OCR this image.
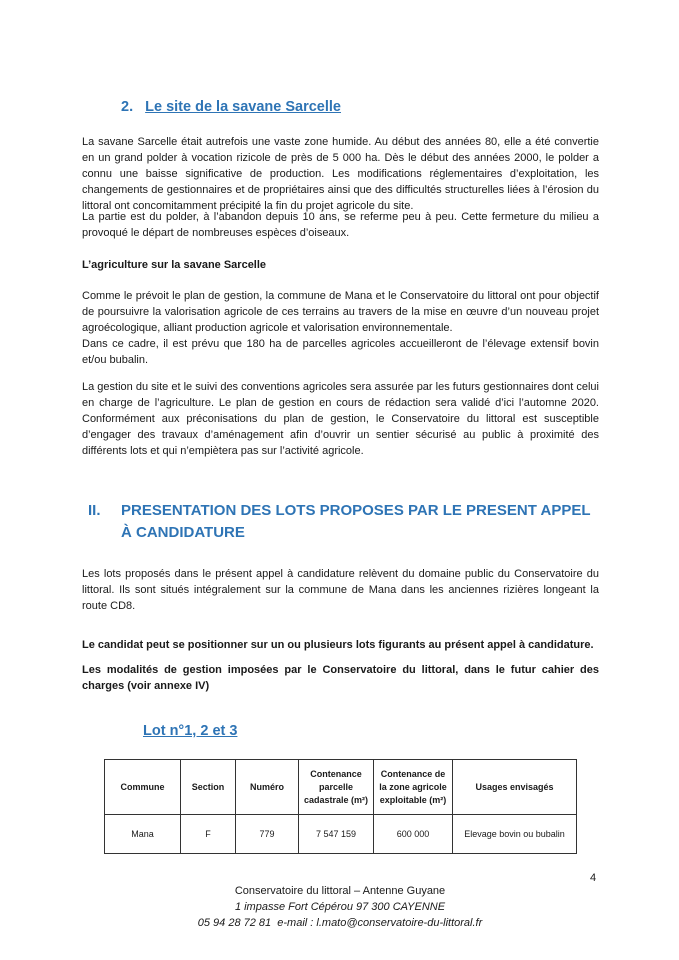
2. Le site de la savane Sarcelle

La savane Sarcelle était autrefois une vaste zone humide. Au début des années 80, elle a été convertie en un grand polder à vocation rizicole de près de 5 000 ha. Dès le début des années 2000, le polder a connu une baisse significative de production. Les modifications réglementaires d’exploitation, les changements de gestionnaires et de propriétaires ainsi que des difficultés structurelles liées à l’érosion du littoral ont concomitamment précipité la fin du projet agricole du site.

La partie est du polder, à l’abandon depuis 10 ans, se referme peu à peu. Cette fermeture du milieu a provoqué le départ de nombreuses espèces d’oiseaux.

L’agriculture sur la savane Sarcelle

Comme le prévoit le plan de gestion, la commune de Mana et le Conservatoire du littoral ont pour objectif de poursuivre la valorisation agricole de ces terrains au travers de la mise en œuvre d’un nouveau projet agroécologique, alliant production agricole et valorisation environnementale.

Dans ce cadre, il est prévu que 180 ha de parcelles agricoles accueilleront de l’élevage extensif bovin et/ou bubalin.

La gestion du site et le suivi des conventions agricoles sera assurée par les futurs gestionnaires dont celui en charge de l’agriculture. Le plan de gestion en cours de rédaction sera validé d’ici l’automne 2020. Conformément aux préconisations du plan de gestion, le Conservatoire du littoral est susceptible d’engager des travaux d’aménagement afin d’ouvrir un sentier sécurisé au public à proximité des différents lots et qui n’empiètera pas sur l’activité agricole.

II. PRESENTATION DES LOTS PROPOSES PAR LE PRESENT APPEL À CANDIDATURE

Les lots proposés dans le présent appel à candidature relèvent du domaine public du Conservatoire du littoral. Ils sont situés intégralement sur la commune de Mana dans les anciennes rizières longeant la route CD8.

Le candidat peut se positionner sur un ou plusieurs lots figurants au présent appel à candidature.

Les modalités de gestion imposées par le Conservatoire du littoral, dans le futur cahier des charges (voir annexe IV)

Lot n°1, 2 et 3
Commune	Section	Numéro	Contenance parcelle cadastrale (m²)	Contenance de la zone agricole exploitable (m²)	Usages envisagés
Mana	F	779	7 547 159	600 000	Elevage bovin ou bubalin
4
Conservatoire du littoral – Antenne Guyane
1 impasse Fort Cépérou 97 300 CAYENNE
05 94 28 72 81 e-mail : l.mato@conservatoire-du-littoral.fr
